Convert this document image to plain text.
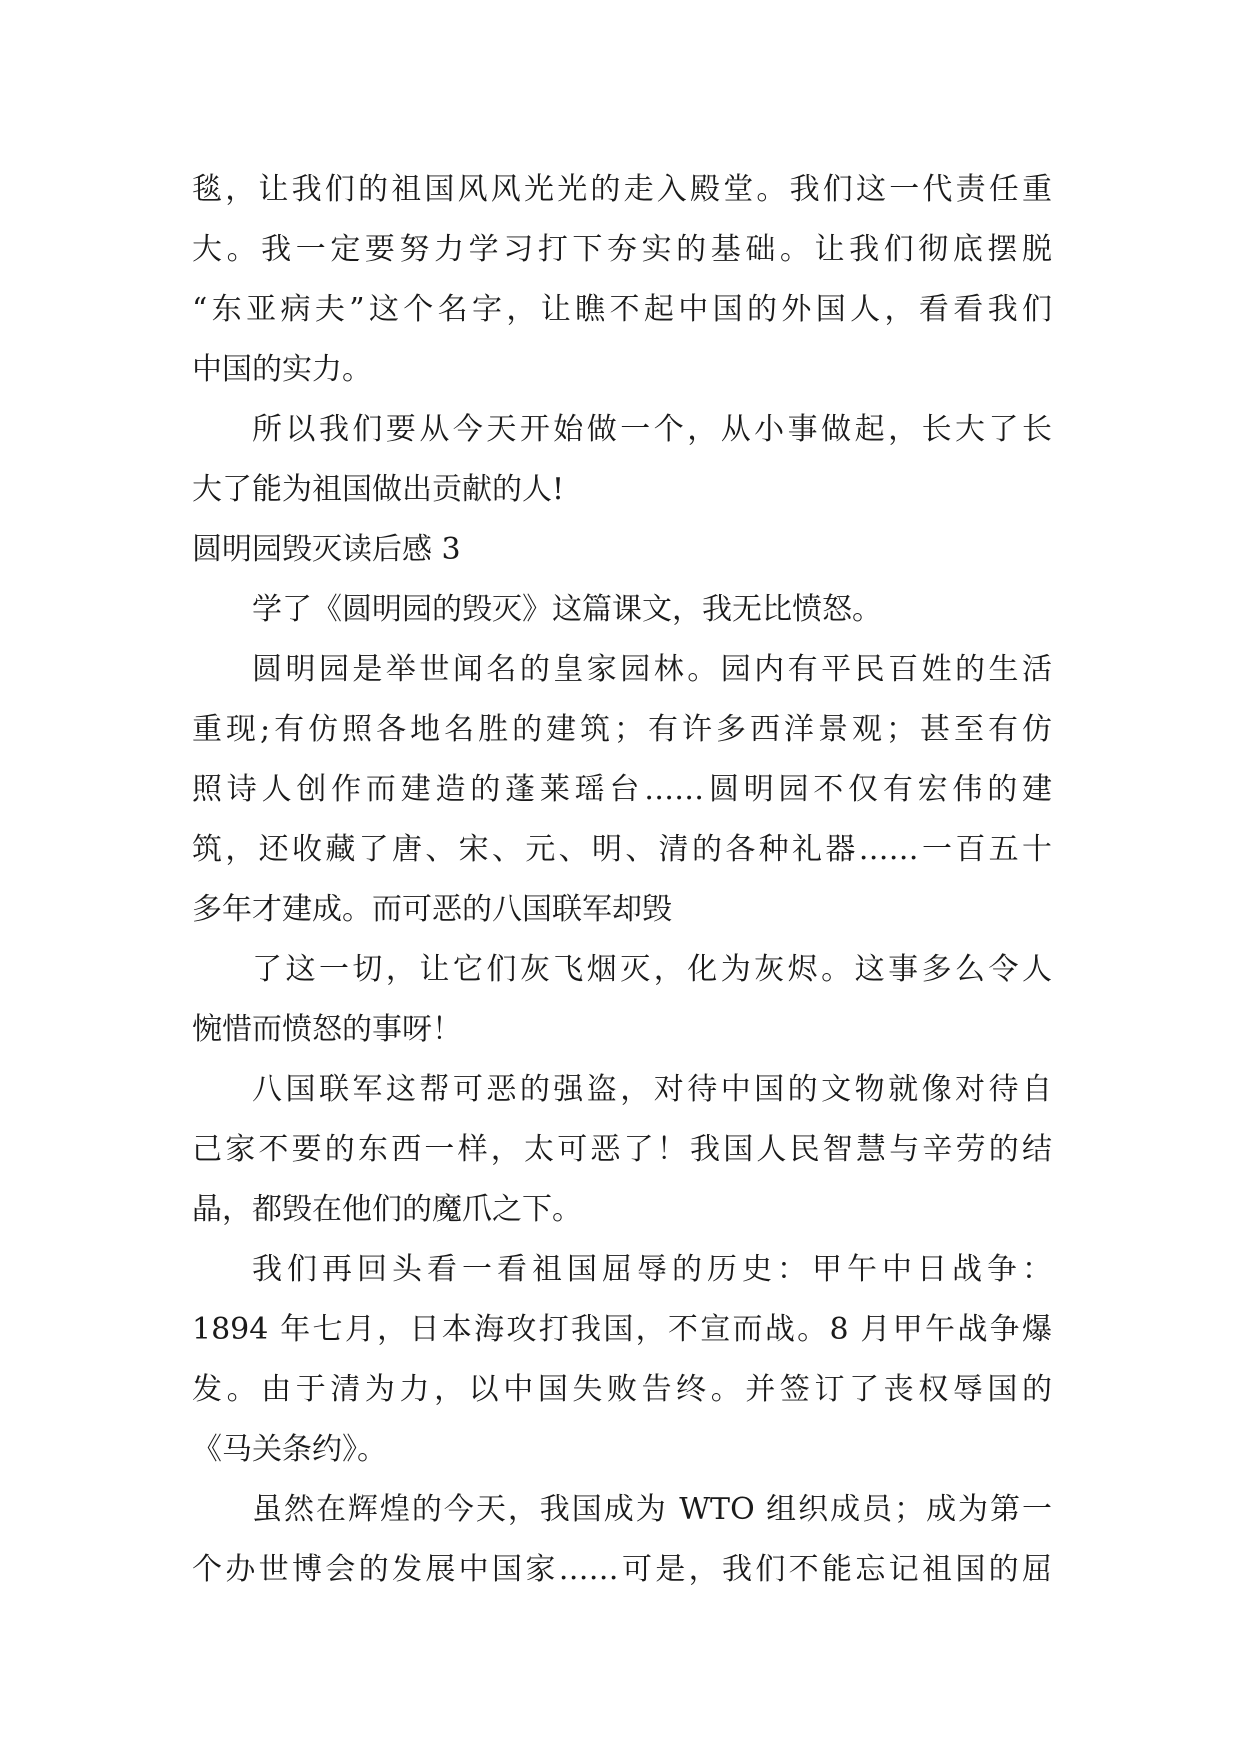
毯，让我们的祖国风风光光的走入殿堂。我们这一代责任重
大。我一定要努力学习打下夯实的基础。让我们彻底摆脱
“东亚病夫”这个名字，让瞧不起中国的外国人，看看我们
中国的实力。
所以我们要从今天开始做一个，从小事做起，长大了长
大了能为祖国做出贡献的人!
圆明园毁灭读后感 3
学了《圆明园的毁灭》这篇课文，我无比愤怒。
圆明园是举世闻名的皇家园林。园内有平民百姓的生活
重现;有仿照各地名胜的建筑；有许多西洋景观；甚至有仿
照诗人创作而建造的蓬莱瑶台……圆明园不仅有宏伟的建
筑，还收藏了唐、宋、元、明、清的各种礼器……一百五十
多年才建成。而可恶的八国联军却毁
了这一切，让它们灰飞烟灭，化为灰烬。这事多么令人
惋惜而愤怒的事呀！
八国联军这帮可恶的强盗，对待中国的文物就像对待自
己家不要的东西一样，太可恶了！我国人民智慧与辛劳的结
晶，都毁在他们的魔爪之下。
我们再回头看一看祖国屈辱的历史：甲午中日战争：
1894 年七月，日本海攻打我国，不宣而战。8 月甲午战争爆
发。由于清为力，以中国失败告终。并签订了丧权辱国的
《马关条约》。
虽然在辉煌的今天，我国成为 WTO 组织成员；成为第一
个办世博会的发展中国家……可是，我们不能忘记祖国的屈
